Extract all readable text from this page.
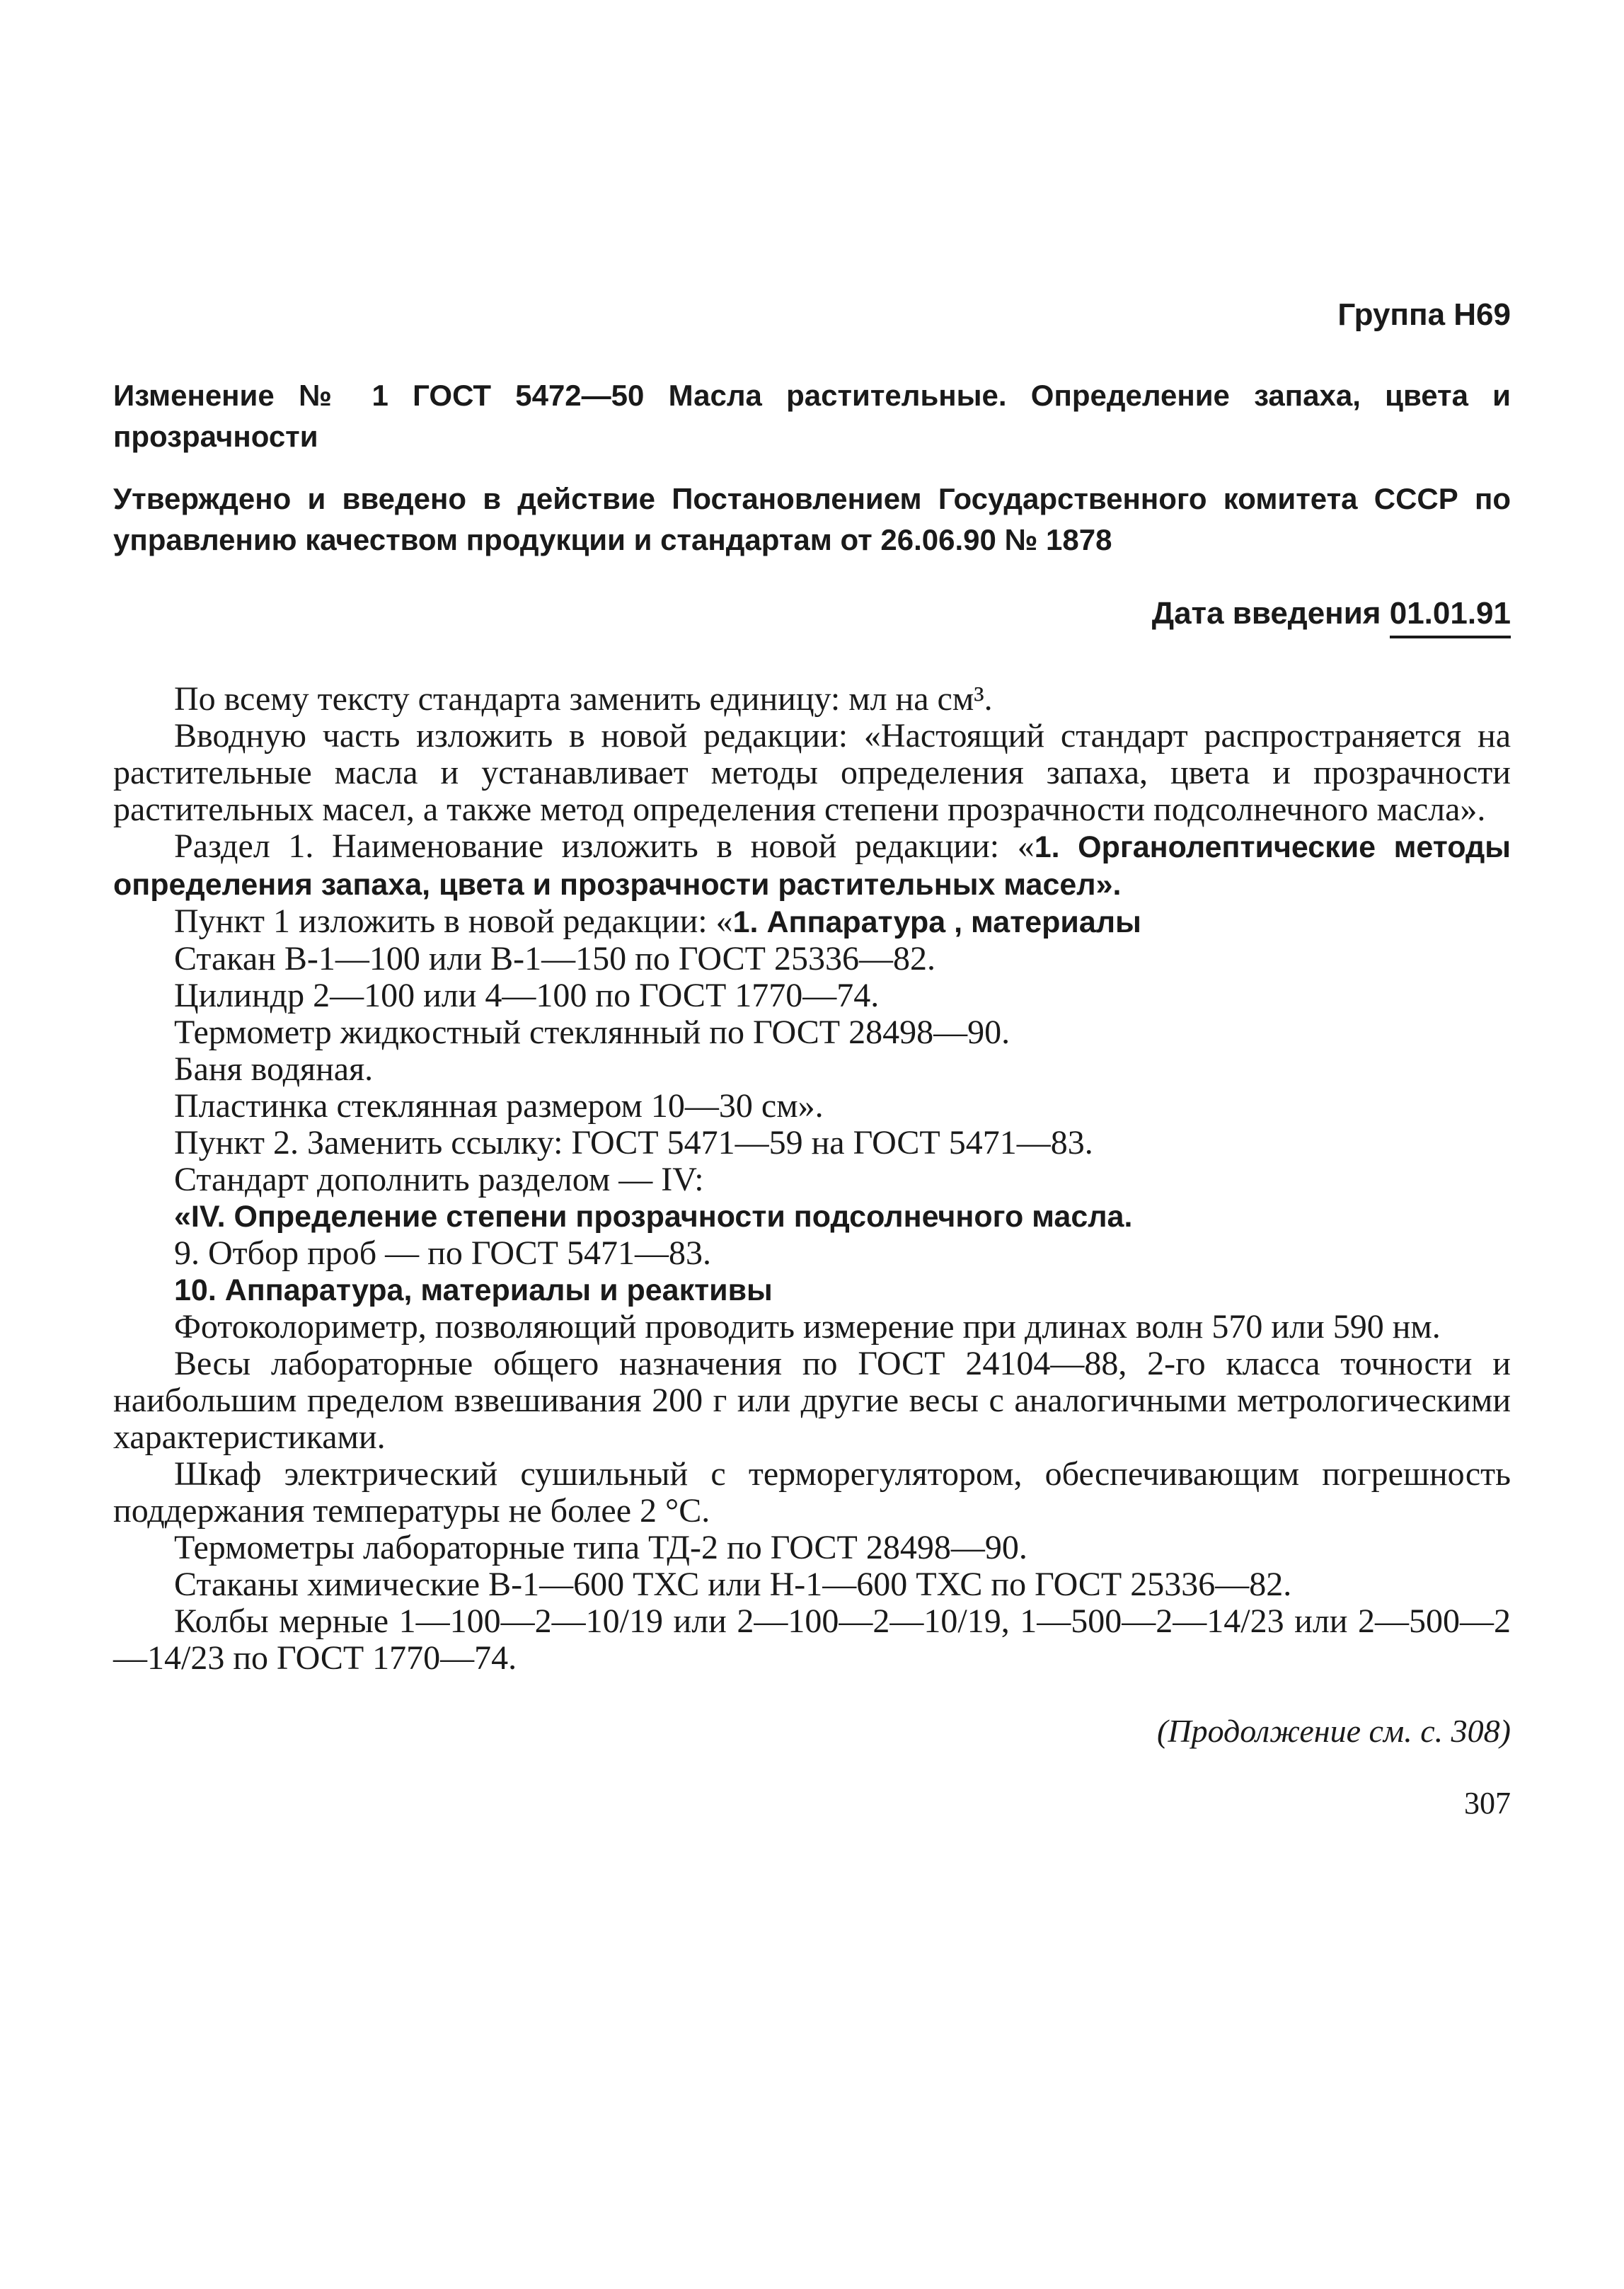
Группа Н69

Изменение № 1 ГОСТ 5472—50 Масла растительные. Определение запаха, цвета и прозрачности

Утверждено и введено в действие Постановлением Государственного комитета СССР по управлению качеством продукции и стандартам от 26.06.90 № 1878

Дата введения 01.01.91

По всему тексту стандарта заменить единицу: мл на см³.

Вводную часть изложить в новой редакции: «Настоящий стандарт распространяется на растительные масла и устанавливает методы определения запаха, цвета и прозрачности растительных масел, а также метод определения степени прозрачности подсолнечного масла».

Раздел 1. Наименование изложить в новой редакции: «1. Органолептические методы определения запаха, цвета и прозрачности растительных масел».

Пункт 1 изложить в новой редакции: «1. Аппаратура , материалы

Стакан В-1—100 или В-1—150 по ГОСТ 25336—82.

Цилиндр 2—100 или 4—100 по ГОСТ 1770—74.

Термометр жидкостный стеклянный по ГОСТ 28498—90.

Баня водяная.

Пластинка стеклянная размером 10—30 см».

Пункт 2. Заменить ссылку: ГОСТ 5471—59 на ГОСТ 5471—83.

Стандарт дополнить разделом — IV:

«IV. Определение степени прозрачности подсолнечного масла.

9. Отбор проб — по ГОСТ 5471—83.

10. Аппаратура, материалы и реактивы

Фотоколориметр, позволяющий проводить измерение при длинах волн 570 или 590 нм.

Весы лабораторные общего назначения по ГОСТ 24104—88, 2-го класса точности и наибольшим пределом взвешивания 200 г или другие весы с аналогичными метрологическими характеристиками.

Шкаф электрический сушильный с терморегулятором, обеспечивающим погрешность поддержания температуры не более 2 °С.

Термометры лабораторные типа ТД-2 по ГОСТ 28498—90.

Стаканы химические В-1—600 ТХС или Н-1—600 ТХС по ГОСТ 25336—82.

Колбы мерные 1—100—2—10/19 или 2—100—2—10/19, 1—500—2—14/23 или 2—500—2—14/23 по ГОСТ 1770—74.

(Продолжение см. с. 308)
307
